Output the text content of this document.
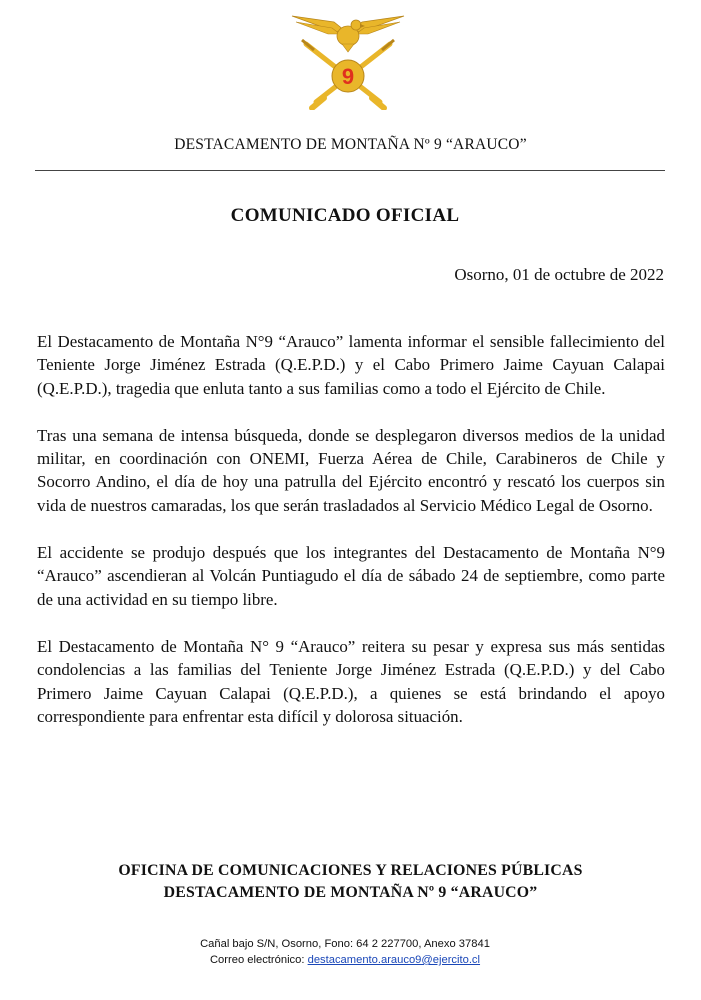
9
DESTACAMENTO DE MONTAÑA Nº 9 “ARAUCO”
COMUNICADO OFICIAL
Osorno, 01 de octubre de 2022

El Destacamento de Montaña N°9 “Arauco” lamenta informar el sensible fallecimiento del Teniente Jorge Jiménez Estrada (Q.E.P.D.) y el Cabo Primero Jaime Cayuan Calapai (Q.E.P.D.), tragedia que enluta tanto a sus familias como a todo el Ejército de Chile.

Tras una semana de intensa búsqueda, donde se desplegaron diversos medios de la unidad militar, en coordinación con ONEMI, Fuerza Aérea de Chile, Carabineros de Chile y Socorro Andino, el día de hoy una patrulla del Ejército encontró y rescató los cuerpos sin vida de nuestros camaradas, los que serán trasladados al Servicio Médico Legal de Osorno.

El accidente se produjo después que los integrantes del Destacamento de Montaña N°9 “Arauco” ascendieran al Volcán Puntiagudo el día de sábado 24 de septiembre, como parte de una actividad en su tiempo libre.

El Destacamento de Montaña N° 9 “Arauco” reitera su pesar y expresa sus más sentidas condolencias a las familias del Teniente Jorge Jiménez Estrada (Q.E.P.D.) y del Cabo Primero Jaime Cayuan Calapai (Q.E.P.D.), a quienes se está brindando el apoyo correspondiente para enfrentar esta difícil y dolorosa situación.

OFICINA DE COMUNICACIONES Y RELACIONES PÚBLICAS
DESTACAMENTO DE MONTAÑA Nº 9 “ARAUCO”
Cañal bajo S/N, Osorno, Fono: 64 2 227700, Anexo 37841
Correo electrónico: destacamento.arauco9@ejercito.cl
